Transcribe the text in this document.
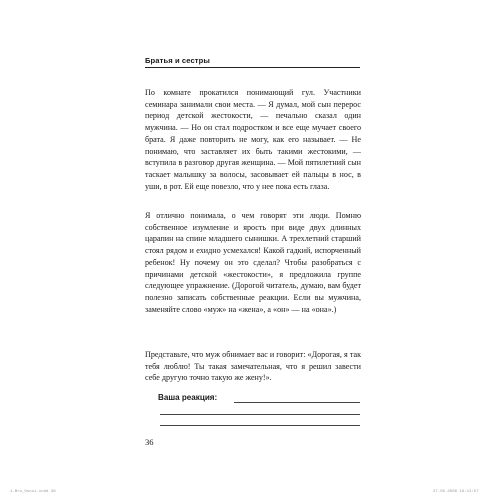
Братья и сестры

По комнате прокатился понимающий гул. Участники семинара занимали свои места. — Я думал, мой сын перерос период детской жестокости, — печально сказал один мужчина. — Но он стал подростком и все еще мучает своего брата. Я даже повторить не могу, как его называет. — Не понимаю, что заставляет их быть такими жестокими, — вступила в разговор другая женщина. — Мой пятилетний сын таскает малышку за волосы, засовывает ей пальцы в нос, в уши, в рот. Ей еще повезло, что у нее пока есть глаза.

Я отлично понимала, о чем говорят эти люди. Помню собственное изумление и ярость при виде двух длинных царапин на спине младшего сынишки. А трехлетний старший стоял рядом и ехидно усмехался! Какой гадкий, испорченный ребенок! Ну почему он это сделал? Чтобы разобраться с причинами детской «жестокости», я предложила группе следующее упражнение. (Дорогой читатель, думаю, вам будет полезно записать собственные реакции. Если вы мужчина, заменяйте слово «муж» на «жена», а «он» — на «она».)

Представьте, что муж обнимает вас и говорит: «Дорогая, я так тебя люблю! Ты такая замечательная, что я решил завести себе другую точно такую же жену!».

Ваша реакция:
36
1.Bro_Oscoi.indd 36	27.05.2008 16:12:57
